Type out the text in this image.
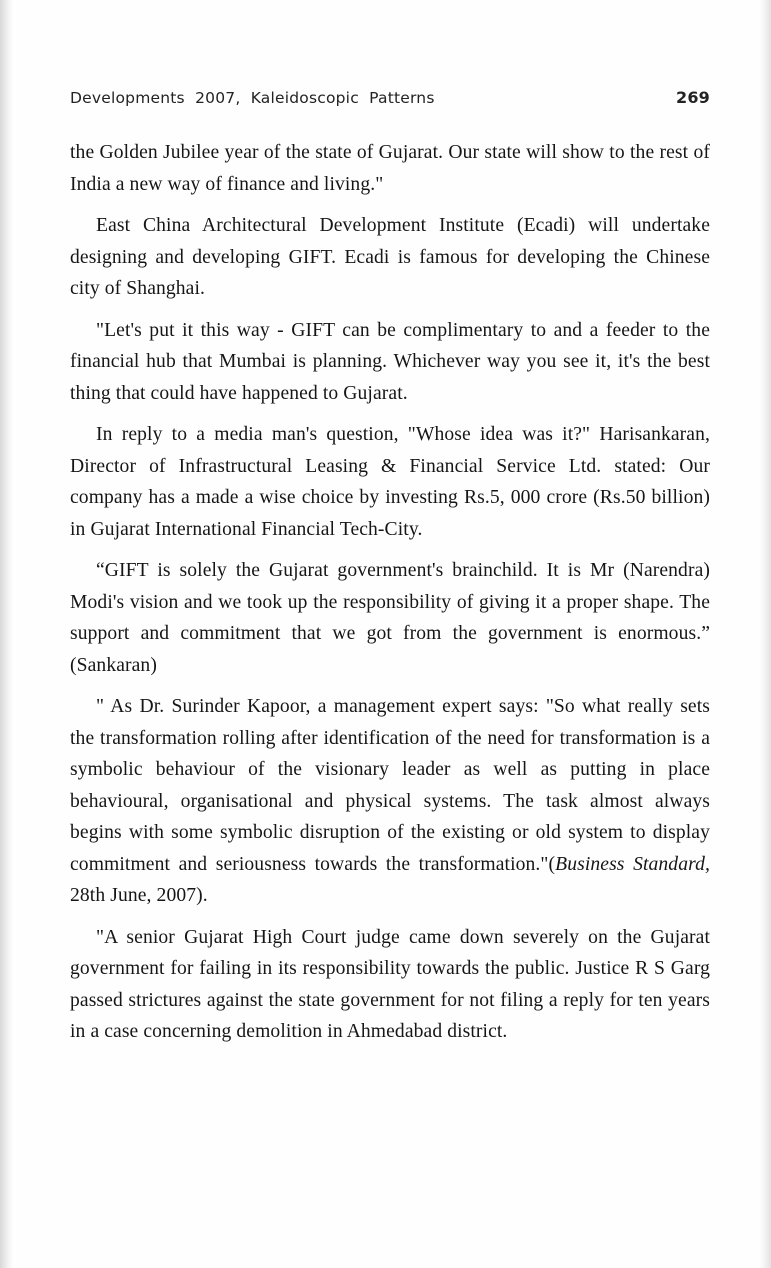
Developments  2007,  Kaleidoscopic  Patterns	269

the Golden Jubilee year of the state of Gujarat. Our state will show to the rest of India a new way of finance and living."

East China Architectural Development Institute (Ecadi) will undertake designing and developing GIFT. Ecadi is famous for developing the Chinese city of Shanghai.

"Let's put it this way - GIFT can be complimentary to and a feeder to the financial hub that Mumbai is planning. Whichever way you see it, it's the best thing that could have happened to Gujarat.

In reply to a media man's question, "Whose idea was it?" Harisankaran, Director of Infrastructural Leasing & Financial Service Ltd. stated: Our company has a made a wise choice by investing Rs.5, 000 crore (Rs.50 billion) in Gujarat International Financial Tech-City.

“GIFT is solely the Gujarat government's brainchild. It is Mr (Narendra) Modi's vision and we took up the responsibility of giving it a proper shape. The support and commitment that we got from the government is enormous.” (Sankaran)

" As Dr. Surinder Kapoor, a management expert says: "So what really sets the transformation rolling after identification of the need for transformation is a symbolic behaviour of the visionary leader as well as putting in place behavioural, organisational and physical systems. The task almost always begins with some symbolic disruption of the existing or old system to display commitment and seriousness towards the transformation."(Business Standard, 28th June, 2007).

"A senior Gujarat High Court judge came down severely on the Gujarat government for failing in its responsibility towards the public. Justice R S Garg passed strictures against the state government for not filing a reply for ten years in a case concerning demolition in Ahmedabad district.
